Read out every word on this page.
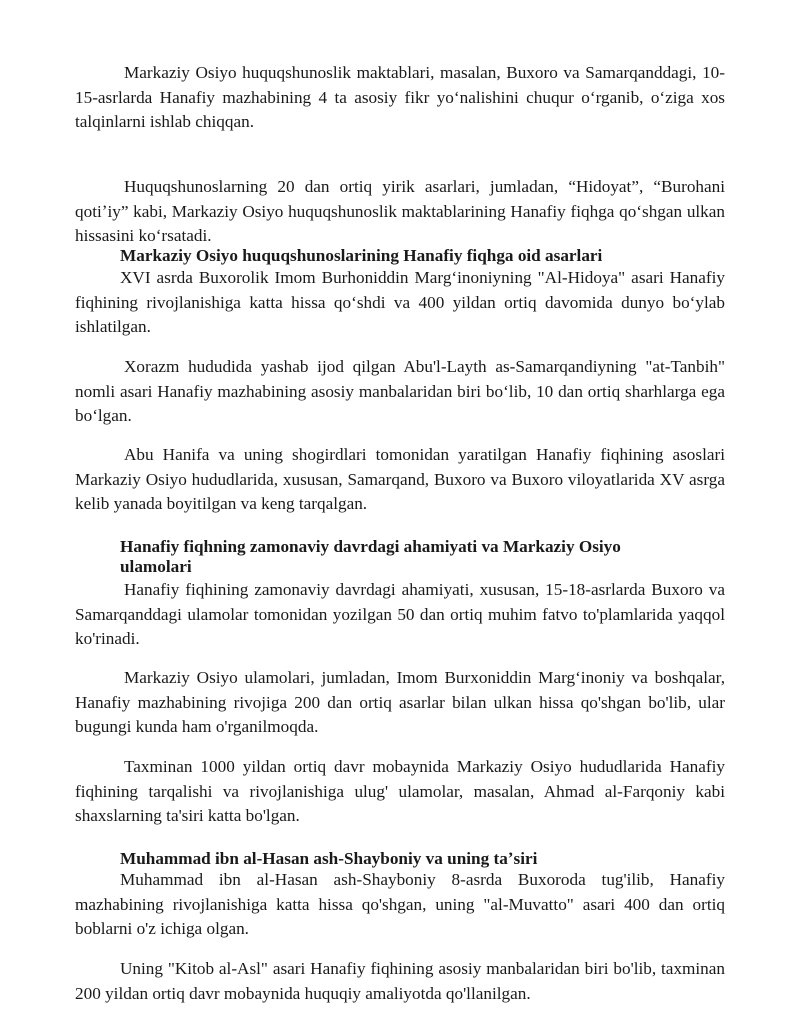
Markaziy Osiyo huquqshunoslik maktablari, masalan, Buxoro va Samarqanddagi, 10-15-asrlarda Hanafiy mazhabining 4 ta asosiy fikr yoʻnalishini chuqur oʻrganib, oʻziga xos talqinlarni ishlab chiqqan.

Huquqshunoslarning 20 dan ortiq yirik asarlari, jumladan, “Hidoyat”, “Burohani qotiʼiy” kabi, Markaziy Osiyo huquqshunoslik maktablarining Hanafiy fiqhga qoʻshgan ulkan hissasini koʻrsatadi.

Markaziy Osiyo huquqshunoslarining Hanafiy fiqhga oid asarlari

XVI asrda Buxorolik Imom Burhoniddin Margʻinoniyning "Al-Hidoya" asari Hanafiy fiqhining rivojlanishiga katta hissa qoʻshdi va 400 yildan ortiq davomida dunyo boʻylab ishlatilgan.

Xorazm hududida yashab ijod qilgan Abu'l-Layth as-Samarqandiyning "at-Tanbih" nomli asari Hanafiy mazhabining asosiy manbalaridan biri boʻlib, 10 dan ortiq sharhlarga ega boʻlgan.

Abu Hanifa va uning shogirdlari tomonidan yaratilgan Hanafiy fiqhining asoslari Markaziy Osiyo hududlarida, xususan, Samarqand, Buxoro va Buxoro viloyatlarida XV asrga kelib yanada boyitilgan va keng tarqalgan.

Hanafiy fiqhning zamonaviy davrdagi ahamiyati va Markaziy Osiyo ulamolari

Hanafiy fiqhining zamonaviy davrdagi ahamiyati, xususan, 15-18-asrlarda Buxoro va Samarqanddagi ulamolar tomonidan yozilgan 50 dan ortiq muhim fatvo to'plamlarida yaqqol ko'rinadi.

Markaziy Osiyo ulamolari, jumladan, Imom Burxoniddin Margʻinoniy va boshqalar, Hanafiy mazhabining rivojiga 200 dan ortiq asarlar bilan ulkan hissa qo'shgan bo'lib, ular bugungi kunda ham o'rganilmoqda.

Taxminan 1000 yildan ortiq davr mobaynida Markaziy Osiyo hududlarida Hanafiy fiqhining tarqalishi va rivojlanishiga ulug' ulamolar, masalan, Ahmad al-Farqoniy kabi shaxslarning ta'siri katta bo'lgan.

Muhammad ibn al-Hasan ash-Shayboniy va uning taʼsiri

Muhammad ibn al-Hasan ash-Shayboniy 8-asrda Buxoroda tug'ilib, Hanafiy mazhabining rivojlanishiga katta hissa qo'shgan, uning "al-Muvatto" asari 400 dan ortiq boblarni o'z ichiga olgan.

Uning "Kitob al-Asl" asari Hanafiy fiqhining asosiy manbalaridan biri bo'lib, taxminan 200 yildan ortiq davr mobaynida huquqiy amaliyotda qo'llanilgan.
